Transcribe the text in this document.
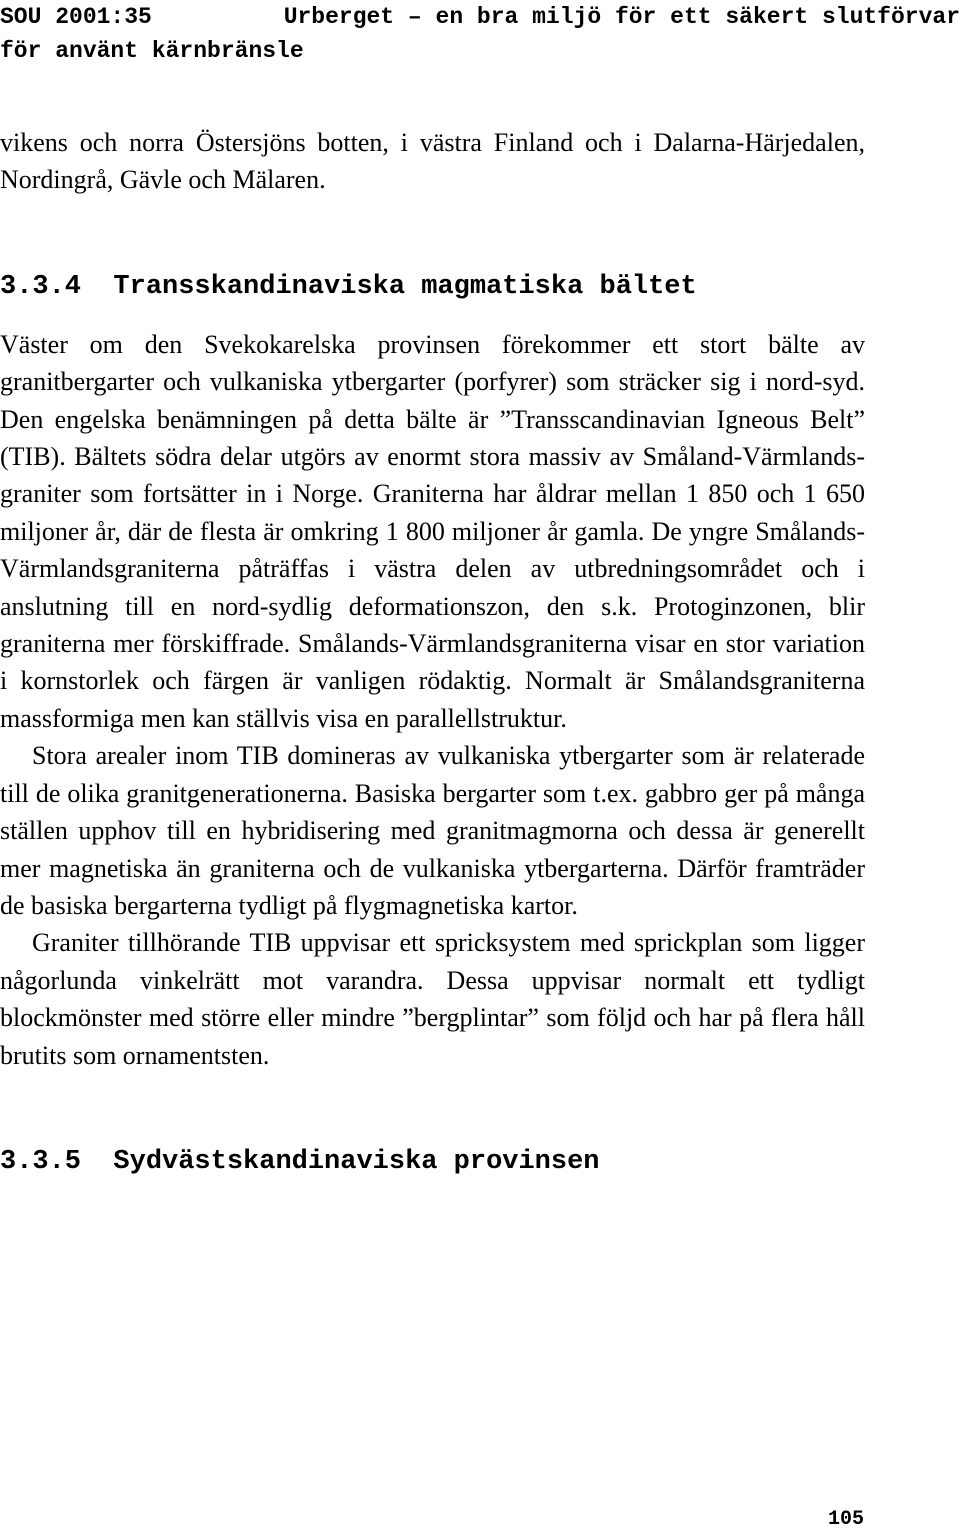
SOU 2001:35	Urberget – en bra miljö för ett säkert slutförvar
för använt kärnbränsle

vikens och norra Östersjöns botten, i västra Finland och i Dalarna-Härjedalen, Nordingrå, Gävle och Mälaren.

3.3.4  Transskandinaviska magmatiska bältet

Väster om den Svekokarelska provinsen förekommer ett stort bälte av granitbergarter och vulkaniska ytbergarter (porfyrer) som sträcker sig i nord-syd. Den engelska benämningen på detta bälte är ”Transscandinavian Igneous Belt” (TIB). Bältets södra delar utgörs av enormt stora massiv av Småland-Värmlands-graniter som fortsätter in i Norge. Graniterna har åldrar mellan 1 850 och 1 650 miljoner år, där de flesta är omkring 1 800 miljoner år gamla. De yngre Smålands-Värmlandsgraniterna påträffas i västra delen av utbredningsområdet och i anslutning till en nord-sydlig deformationszon, den s.k. Protoginzonen, blir graniterna mer förskiffrade. Smålands-Värmlandsgraniterna visar en stor variation i kornstorlek och färgen är vanligen rödaktig. Normalt är Smålandsgraniterna massformiga men kan ställvis visa en parallellstruktur.

Stora arealer inom TIB domineras av vulkaniska ytbergarter som är relaterade till de olika granitgenerationerna. Basiska bergarter som t.ex. gabbro ger på många ställen upphov till en hybridisering med granitmagmorna och dessa är generellt mer magnetiska än graniterna och de vulkaniska ytbergarterna. Därför framträder de basiska bergarterna tydligt på flygmagnetiska kartor.

Graniter tillhörande TIB uppvisar ett spricksystem med sprickplan som ligger någorlunda vinkelrätt mot varandra. Dessa uppvisar normalt ett tydligt blockmönster med större eller mindre ”bergplintar” som följd och har på flera håll brutits som ornamentsten.

3.3.5  Sydvästskandinaviska provinsen
105
